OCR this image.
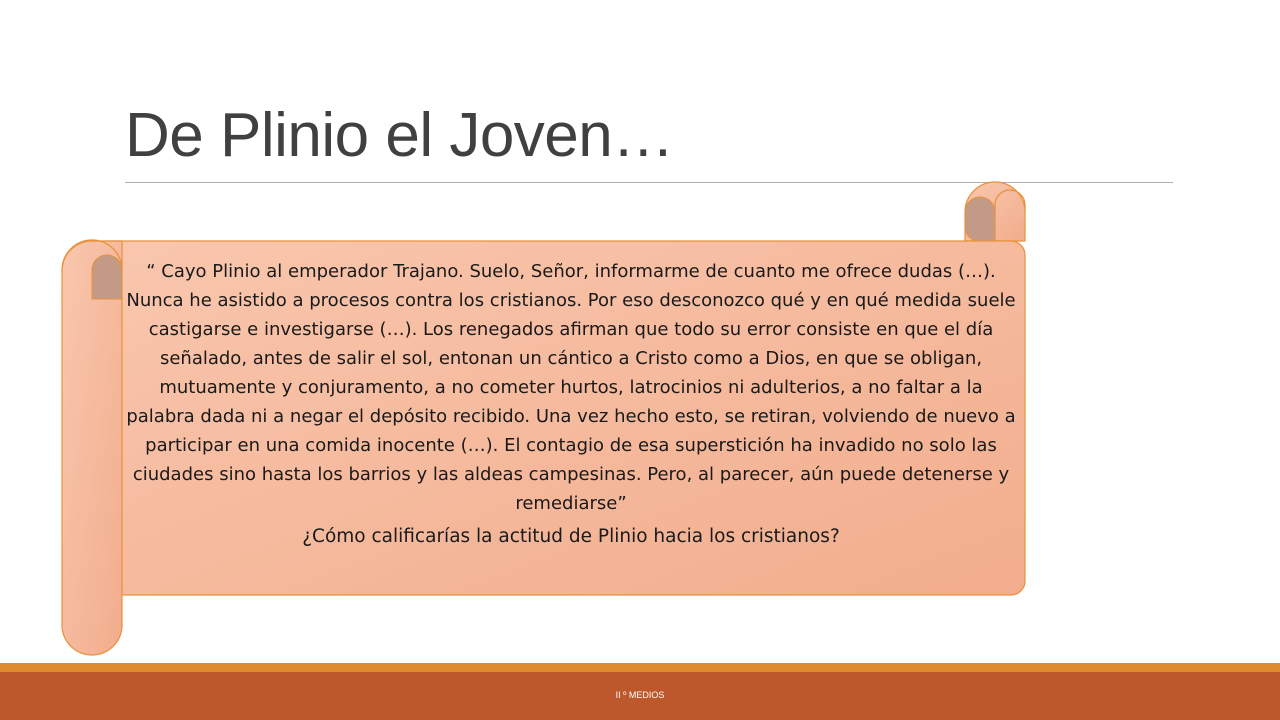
De Plinio el Joven…

“ Cayo Plinio al emperador Trajano. Suelo, Señor, informarme de cuanto me ofrece dudas (…). Nunca he asistido a procesos contra los cristianos. Por eso desconozco qué y en qué medida suele castigarse e investigarse (…). Los renegados afirman que todo su error consiste en que el día señalado, antes de salir el sol, entonan un cántico a Cristo como a Dios, en que se obligan, mutuamente y conjuramento, a no cometer hurtos, latrocinios ni adulterios, a no faltar a la palabra dada ni a negar el depósito recibido. Una vez hecho esto, se retiran, volviendo de nuevo a participar en una comida inocente (…). El contagio de esa superstición ha invadido no solo las ciudades sino hasta los barrios y las aldeas campesinas. Pero, al parecer, aún puede detenerse y remediarse”

¿Cómo calificarías la actitud de Plinio hacia los cristianos?

II º MEDIOS
